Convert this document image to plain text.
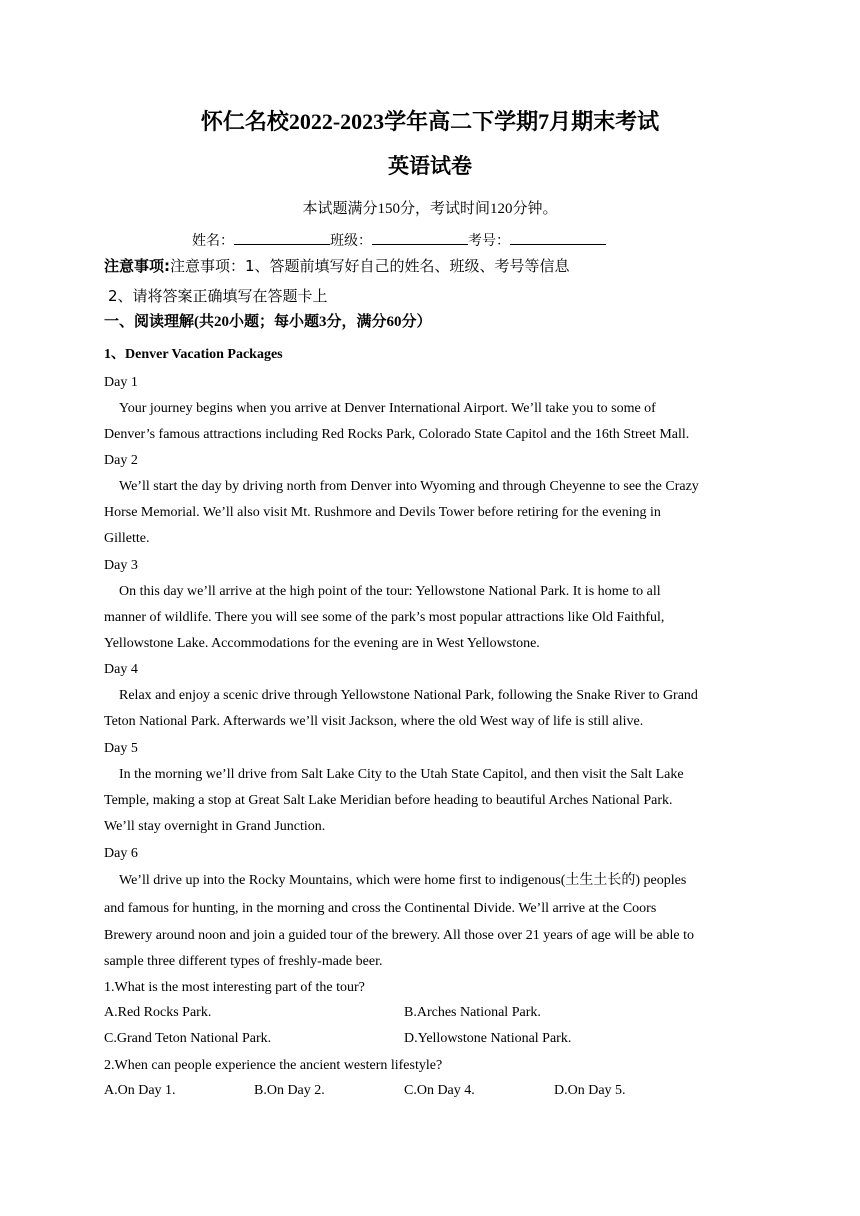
怀仁名校2022-2023学年高二下学期7月期末考试
英语试卷
本试题满分150分，考试时间120分钟。
姓名：	班级：	考号：
注意事项:注意事项：1、答题前填写好自己的姓名、班级、考号等信息
2、请将答案正确填写在答题卡上
一、阅读理解(共20小题；每小题3分，满分60分）
1、Denver Vacation Packages
Day 1
Your journey begins when you arrive at Denver International Airport. We’ll take you to some of
Denver’s famous attractions including Red Rocks Park, Colorado State Capitol and the 16th Street Mall.
Day 2
We’ll start the day by driving north from Denver into Wyoming and through Cheyenne to see the Crazy
Horse Memorial. We’ll also visit Mt. Rushmore and Devils Tower before retiring for the evening in
Gillette.
Day 3
On this day we’ll arrive at the high point of the tour: Yellowstone National Park. It is home to all
manner of wildlife. There you will see some of the park’s most popular attractions like Old Faithful,
Yellowstone Lake. Accommodations for the evening are in West Yellowstone.
Day 4
Relax and enjoy a scenic drive through Yellowstone National Park, following the Snake River to Grand
Teton National Park. Afterwards we’ll visit Jackson, where the old West way of life is still alive.
Day 5
In the morning we’ll drive from Salt Lake City to the Utah State Capitol, and then visit the Salt Lake
Temple, making a stop at Great Salt Lake Meridian before heading to beautiful Arches National Park.
We’ll stay overnight in Grand Junction.
Day 6
We’ll drive up into the Rocky Mountains, which were home first to indigenous(土生土长的) peoples
and famous for hunting, in the morning and cross the Continental Divide. We’ll arrive at the Coors
Brewery around noon and join a guided tour of the brewery. All those over 21 years of age will be able to
sample three different types of freshly-made beer.
1.What is the most interesting part of the tour?
A.Red Rocks Park.	B.Arches National Park.
C.Grand Teton National Park.	D.Yellowstone National Park.
2.When can people experience the ancient western lifestyle?
A.On Day 1.	B.On Day 2.	C.On Day 4.	D.On Day 5.
